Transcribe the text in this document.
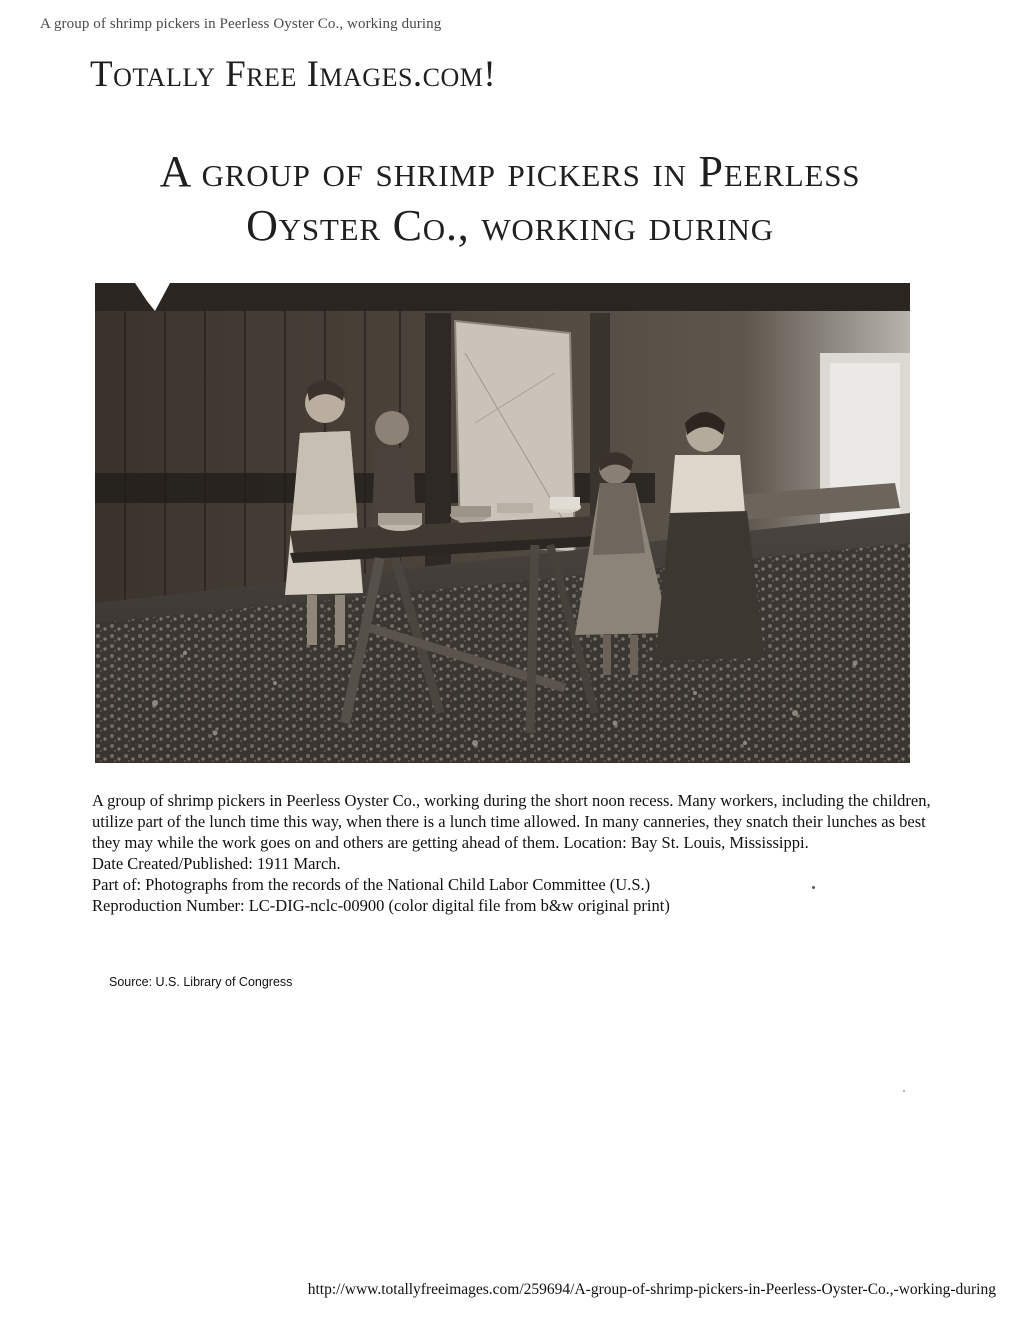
A group of shrimp pickers in Peerless Oyster Co., working during
Totally Free Images.com!
A group of shrimp pickers in Peerless
Oyster Co., working during

A group of shrimp pickers in Peerless Oyster Co., working during the short noon recess. Many workers, including the children, utilize part of the lunch time this way, when there is a lunch time allowed. In many canneries, they snatch their lunches as best they may while the work goes on and others are getting ahead of them. Location: Bay St. Louis, Mississippi.

Date Created/Published: 1911 March.

Part of: Photographs from the records of the National Child Labor Committee (U.S.)

Reproduction Number: LC-DIG-nclc-00900 (color digital file from b&w original print)

Source: U.S. Library of Congress
http://www.totallyfreeimages.com/259694/A-group-of-shrimp-pickers-in-Peerless-Oyster-Co.,-working-during
